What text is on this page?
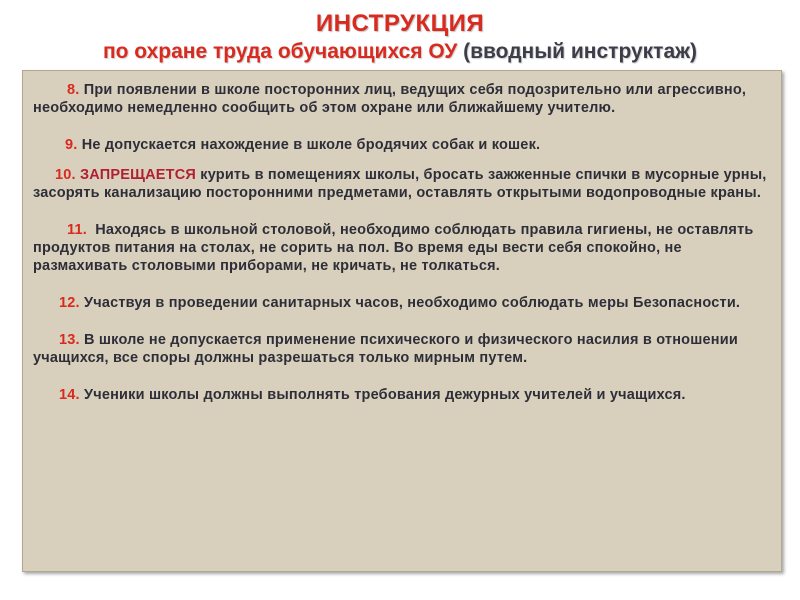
ИНСТРУКЦИЯ
по охране труда обучающихся ОУ (вводный инструктаж)
8. При появлении в школе посторонних лиц, ведущих себя подозрительно или агрессивно, необходимо немедленно сообщить об этом охране или ближайшему учителю.
9. Не допускается нахождение в школе бродячих собак и кошек.
10. ЗАПРЕЩАЕТСЯ курить в помещениях школы, бросать зажженные спички в мусорные урны, засорять канализацию посторонними предметами, оставлять открытыми водопроводные краны.
11. Находясь в школьной столовой, необходимо соблюдать правила гигиены, не оставлять продуктов питания на столах, не сорить на пол. Во время еды вести себя спокойно, не размахивать столовыми приборами, не кричать, не толкаться.
12. Участвуя в проведении санитарных часов, необходимо соблюдать меры Безопасности.
13. В школе не допускается применение психического и физического насилия в отношении учащихся, все споры должны разрешаться только мирным путем.
14. Ученики школы должны выполнять требования дежурных учителей и учащихся.
